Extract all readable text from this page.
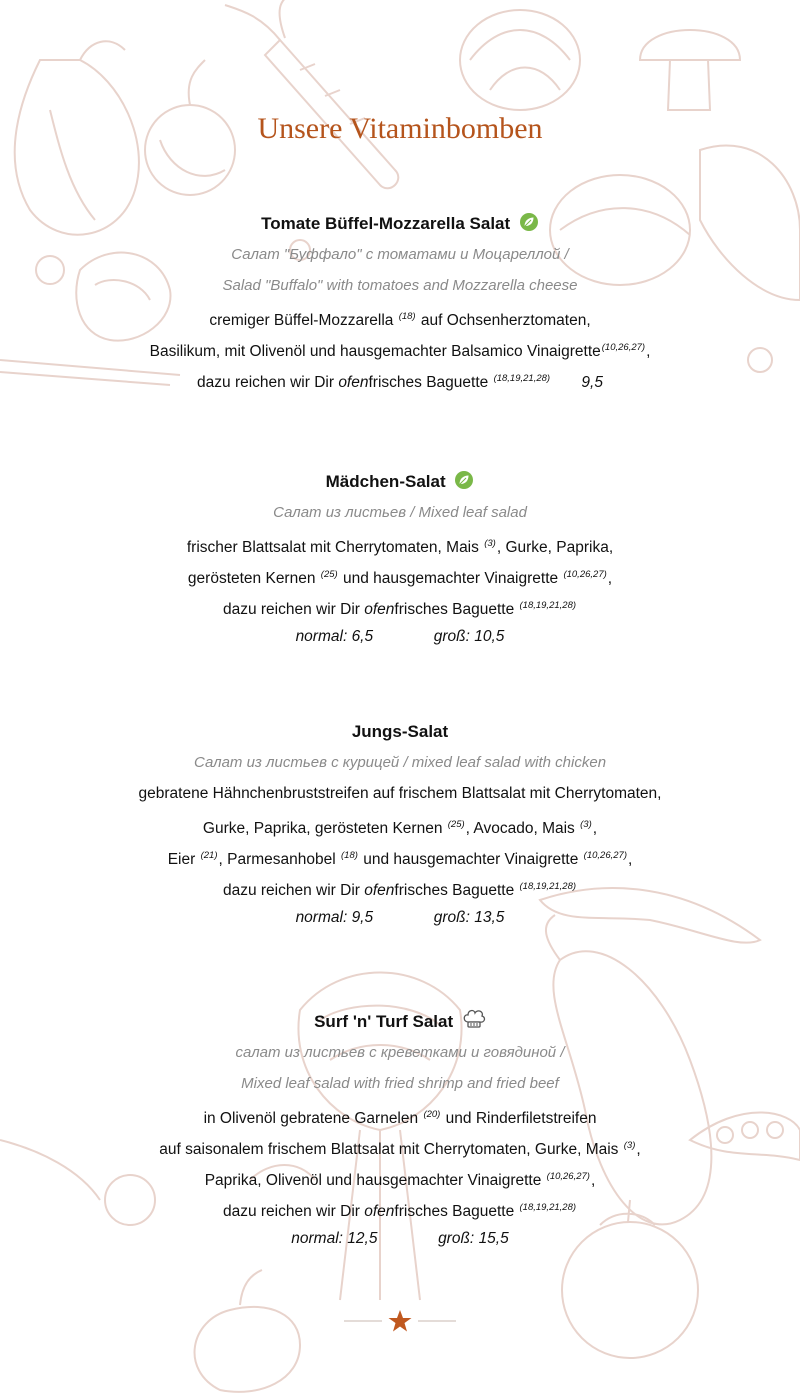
Unsere Vitaminbomben
Tomate Büffel-Mozzarella Salat
Салат "Буффало" с томатами и Моцареллой /
Salad "Buffalo" with tomatoes and Mozzarella cheese
cremiger Büffel-Mozzarella $^{(18)}$ auf Ochsenherztomaten,
Basilikum, mit Olivenöl und hausgemachter Balsamico Vinaigrette$^{(10,26,27)}$,
dazu reichen wir Dir ofenfrisches Baguette $^{(18,19,21,28)}$ 9,5
Mädchen-Salat
Салат из листьев / Mixed leaf salad
frischer Blattsalat mit Cherrytomaten, Mais $^{(3)}$, Gurke, Paprika,
gerösteten Kernen $^{(25)}$ und hausgemachter Vinaigrette $^{(10,26,27)}$,
dazu reichen wir Dir ofenfrisches Baguette $^{(18,19,21,28)}$
normal: 6,5	groß: 10,5
Jungs-Salat
Салат из листьев с курицей / mixed leaf salad with chicken
gebratene Hähnchenbruststreifen auf frischem Blattsalat mit Cherrytomaten,
Gurke, Paprika, gerösteten Kernen $^{(25)}$, Avocado, Mais $^{(3)}$,
Eier $^{(21)}$, Parmesanhobel $^{(18)}$ und hausgemachter Vinaigrette $^{(10,26,27)}$,
dazu reichen wir Dir ofenfrisches Baguette $^{(18,19,21,28)}$
normal: 9,5	groß: 13,5
Surf 'n' Turf Salat
салат из листьев с креветками и говядиной /
Mixed leaf salad with fried shrimp and fried beef
in Olivenöl gebratene Garnelen $^{(20)}$ und Rinderfiletstreifen
auf saisonalem frischem Blattsalat mit Cherrytomaten, Gurke, Mais $^{(3)}$,
Paprika, Olivenöl und hausgemachter Vinaigrette $^{(10,26,27)}$,
dazu reichen wir Dir ofenfrisches Baguette $^{(18,19,21,28)}$
normal: 12,5	groß: 15,5
